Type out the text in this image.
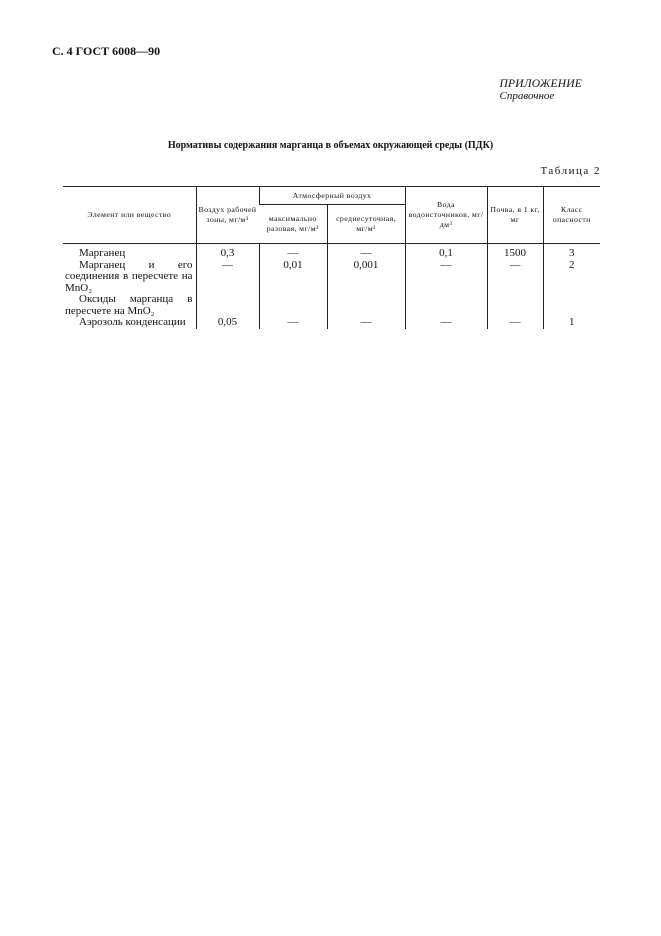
С. 4 ГОСТ 6008—90
ПРИЛОЖЕНИЕ
Справочное
Нормативы содержания марганца в объемах окружающей среды (ПДК)
Таблица 2
Элемент или вещество	Воздух рабочей зоны, мг/м³	Атмосферный воздух		Вода водоисточников, мг/дм³	Почва, в 1 кг, мг	Класс опасности
		максимально разовая, мг/м³	среднесуточная, мг/м³			
Марганец	0,3	—	—	0,1	1500	3
Марганец и его соединения в пересчете на MnO₂	—	0,01	0,001	—	—	2
Оксиды марганца в пересчете на MnO₂						
Аэрозоль конденсации	0,05	—	—	—	—	1
